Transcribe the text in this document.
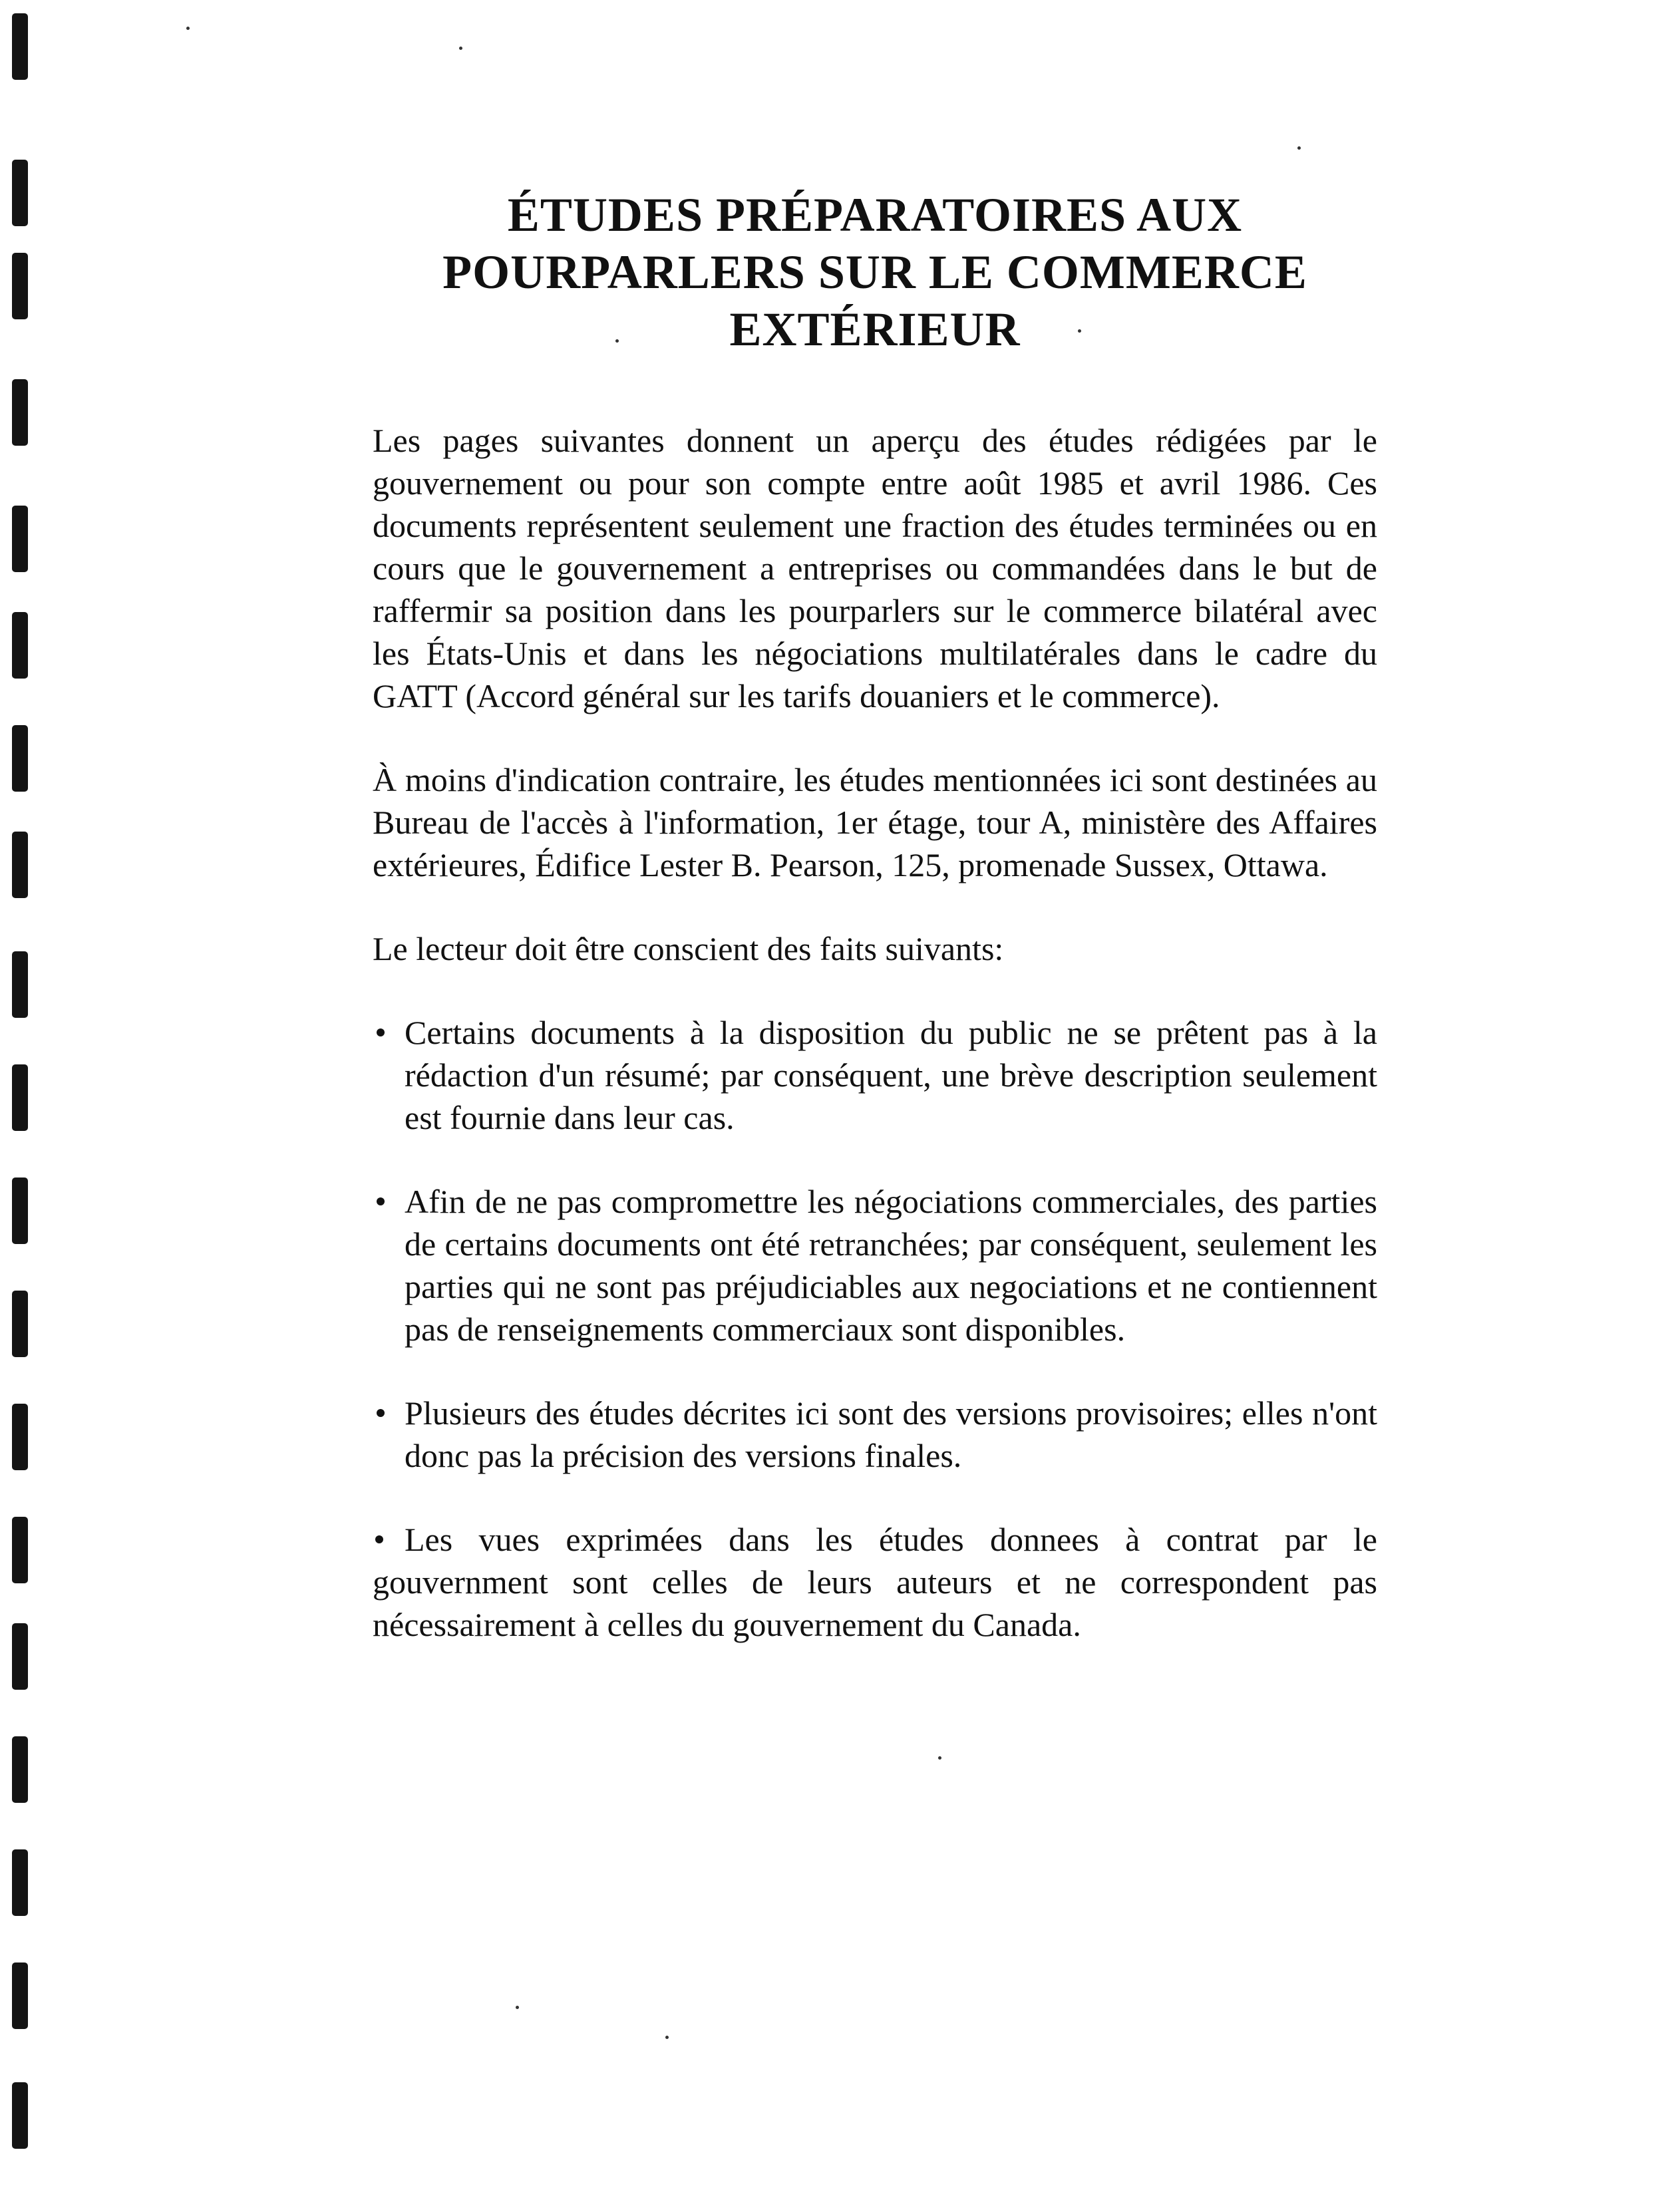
ÉTUDES PRÉPARATOIRES AUX
POURPARLERS SUR LE COMMERCE
EXTÉRIEUR

Les pages suivantes donnent un aperçu des études rédigées par le gouvernement ou pour son compte entre août 1985 et avril 1986. Ces documents représentent seulement une fraction des études terminées ou en cours que le gouvernement a entreprises ou commandées dans le but de raffermir sa position dans les pourparlers sur le commerce bilatéral avec les États-Unis et dans les négociations multilatérales dans le cadre du GATT (Accord général sur les tarifs douaniers et le commerce).

À moins d'indication contraire, les études mentionnées ici sont destinées au Bureau de l'accès à l'information, 1er étage, tour A, ministère des Affaires extérieures, Édifice Lester B. Pearson, 125, promenade Sussex, Ottawa.

Le lecteur doit être conscient des faits suivants:

Certains documents à la disposition du public ne se prêtent pas à la rédaction d'un résumé; par conséquent, une brève description seulement est fournie dans leur cas.
Afin de ne pas compromettre les négociations commerciales, des parties de certains documents ont été retranchées; par conséquent, seulement les parties qui ne sont pas préjudiciables aux negociations et ne contiennent pas de renseignements commerciaux sont disponibles.
Plusieurs des études décrites ici sont des versions provisoires; elles n'ont donc pas la précision des versions finales.
Les vues exprimées dans les études donnees à contrat par le gouvernment sont celles de leurs auteurs et ne correspondent pas nécessairement à celles du gouvernement du Canada.
